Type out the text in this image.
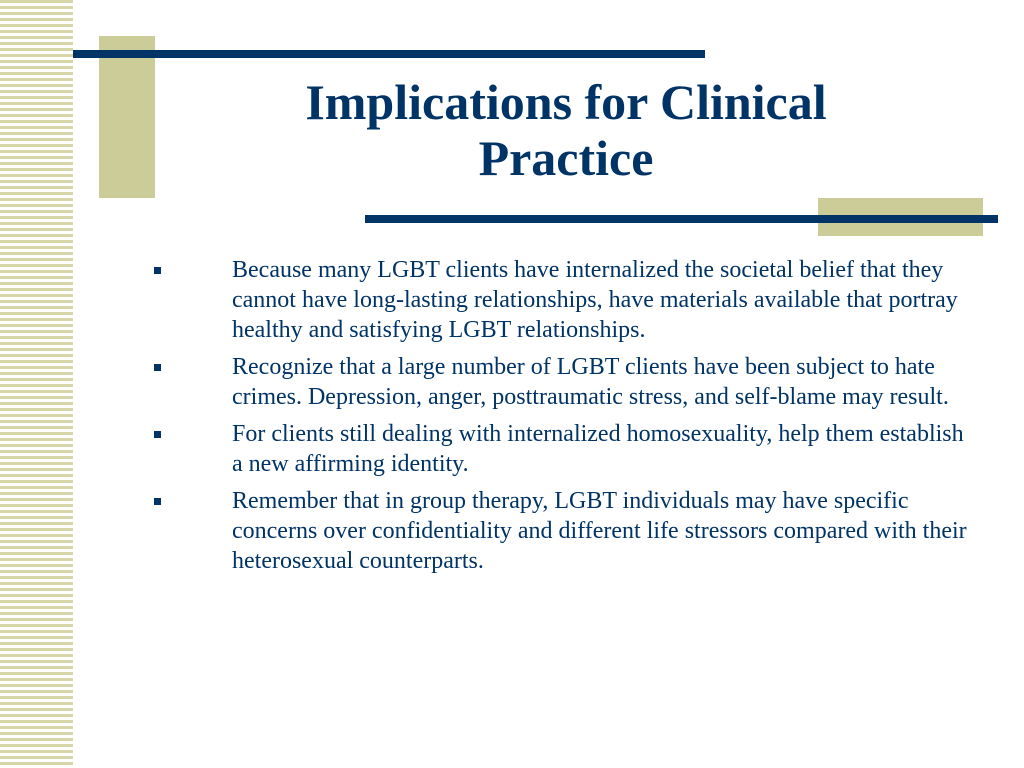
Implications for Clinical
Practice
Because many LGBT clients have internalized the societal belief that they cannot have long-lasting relationships, have materials available that portray healthy and satisfying LGBT relationships.
Recognize that a large number of LGBT clients have been subject to hate crimes. Depression, anger, posttraumatic stress, and self-blame may result.
For clients still dealing with internalized homosexuality, help them establish a new affirming identity.
Remember that in group therapy, LGBT individuals may have specific concerns over confidentiality and different life stressors compared with their heterosexual counterparts.
